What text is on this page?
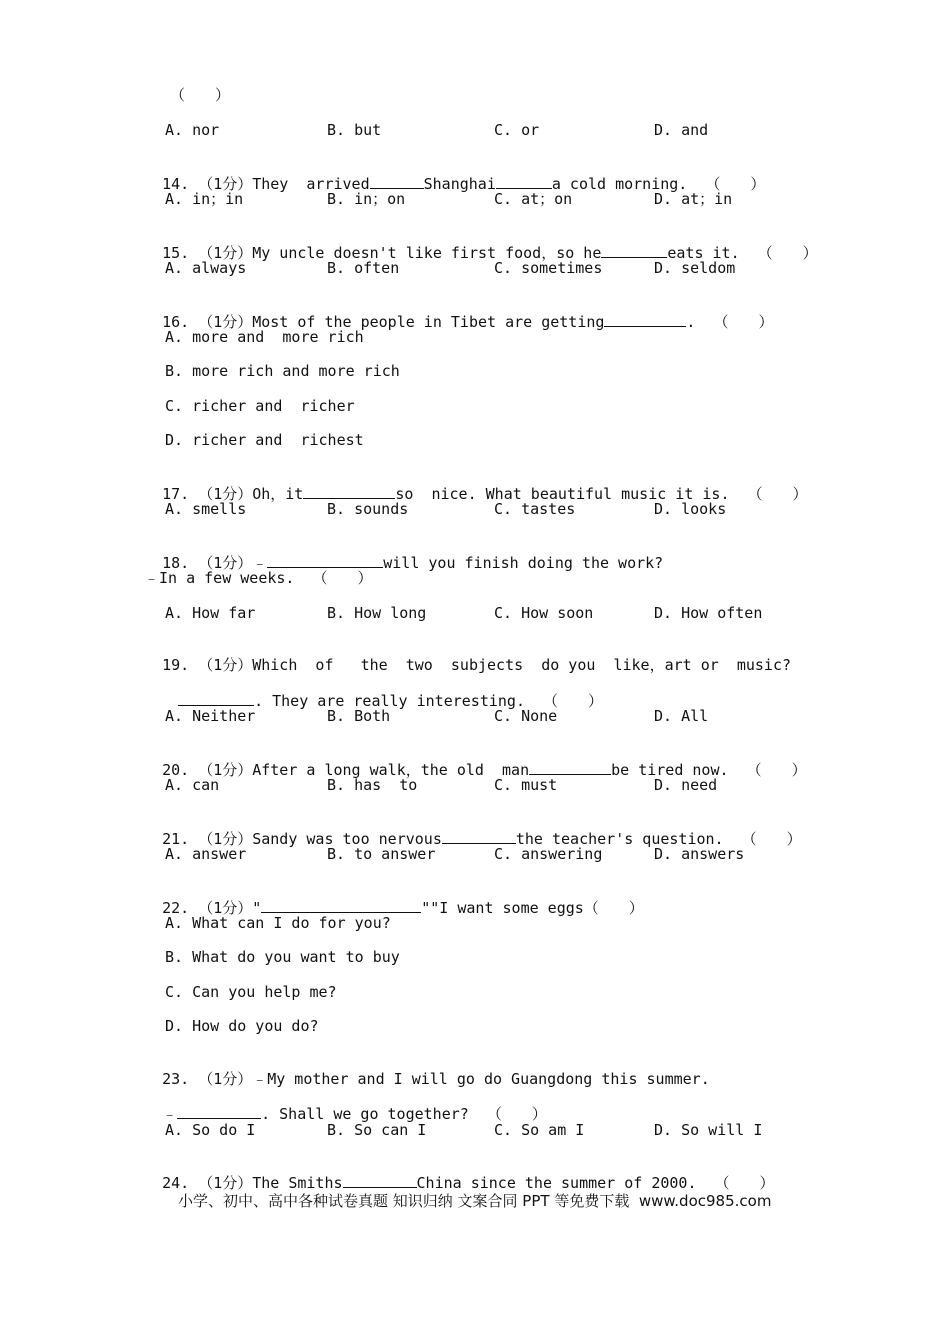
（　　）
A. nor	B. but	C. or	D. and

14. （1分）They  arrived	Shanghai	a cold morning.  （　　）

A. in；in	B. in；on	C. at；on	D. at；in

15. （1分）My uncle doesn't like first food，so he	eats it.  （　　）

A. always	B. often	C. sometimes	D. seldom

16. （1分）Most of the people in Tibet are getting	.  （　　）

A. more and  more rich
B. more rich and more rich
C. richer and  richer
D. richer and  richest

17. （1分）Oh，it	so  nice. What beautiful music it is.  （　　）

A. smells	B. sounds	C. tastes	D. looks

18. （1分）﹣	will you finish doing the work?

﹣In a few weeks.  （　　）
A. How far	B. How long	C. How soon	D. How often

19. （1分）Which  of   the  two  subjects  do you  like，art or  music?

. They are really interesting.  （　　）

A. Neither	B. Both	C. None	D. All

20. （1分）After a long walk，the old  man	be tired now.  （　　）

A. can	B. has  to	C. must	D. need

21. （1分）Sandy was too nervous	the teacher's question.  （　　）

A. answer	B. to answer	C. answering	D. answers

22. （1分）"	""I want some eggs（　　）

A. What can I do for you?
B. What do you want to buy
C. Can you help me?
D. How do you do?

23. （1分）﹣My mother and I will go do Guangdong this summer.

﹣	. Shall we go together?  （　　）

A. So do I	B. So can I	C. So am I	D. So will I

24. （1分）The Smiths	China since the summer of 2000.  （　　）

小学、初中、高中各种试卷真题 知识归纳 文案合同 PPT 等免费下载  www.doc985.com
